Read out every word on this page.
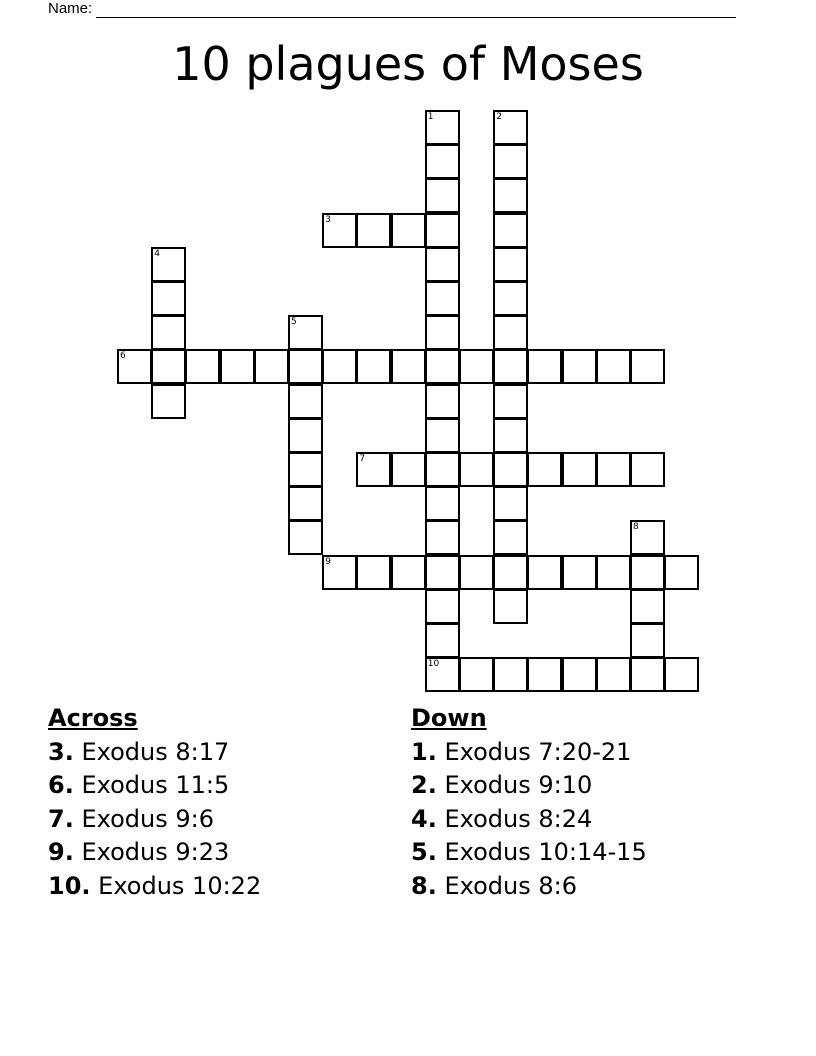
Name:
10 plagues of Moses
1
10
2
3
4
5
6
7
8
9
Across
3. Exodus 8:17
6. Exodus 11:5
7. Exodus 9:6
9. Exodus 9:23
10. Exodus 10:22
Down
1. Exodus 7:20-21
2. Exodus 9:10
4. Exodus 8:24
5. Exodus 10:14-15
8. Exodus 8:6
